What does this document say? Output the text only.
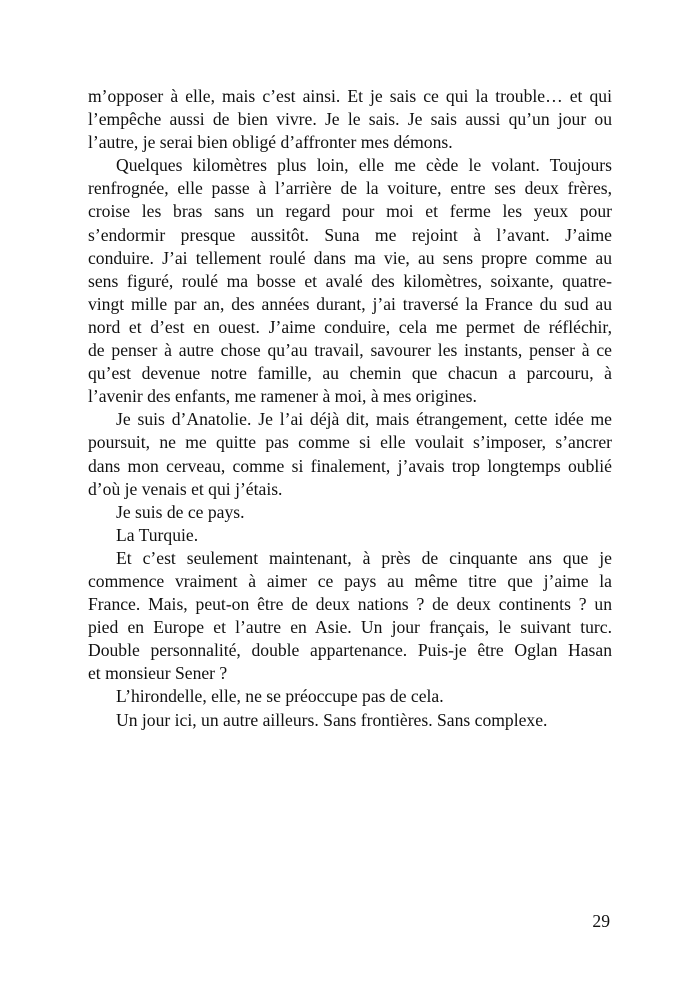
m’opposer à elle, mais c’est ainsi. Et je sais ce qui la trouble… et qui
l’empêche aussi de bien vivre. Je le sais. Je sais aussi qu’un jour ou
l’autre, je serai bien obligé d’affronter mes démons.
Quelques kilomètres plus loin, elle me cède le volant. Toujours
renfrognée, elle passe à l’arrière de la voiture, entre ses deux frères,
croise les bras sans un regard pour moi et ferme les yeux pour
s’endormir presque aussitôt. Suna me rejoint à l’avant. J’aime
conduire. J’ai tellement roulé dans ma vie, au sens propre comme au
sens figuré, roulé ma bosse et avalé des kilomètres, soixante, quatre-
vingt mille par an, des années durant, j’ai traversé la France du sud au
nord et d’est en ouest. J’aime conduire, cela me permet de réfléchir,
de penser à autre chose qu’au travail, savourer les instants, penser à ce
qu’est devenue notre famille, au chemin que chacun a parcouru, à
l’avenir des enfants, me ramener à moi, à mes origines.
Je suis d’Anatolie. Je l’ai déjà dit, mais étrangement, cette idée me
poursuit, ne me quitte pas comme si elle voulait s’imposer, s’ancrer
dans mon cerveau, comme si finalement, j’avais trop longtemps oublié
d’où je venais et qui j’étais.
Je suis de ce pays.
La Turquie.
Et c’est seulement maintenant, à près de cinquante ans que je
commence vraiment à aimer ce pays au même titre que j’aime la
France. Mais, peut-on être de deux nations ? de deux continents ? un
pied en Europe et l’autre en Asie. Un jour français, le suivant turc.
Double personnalité, double appartenance. Puis-je être Oglan Hasan
et monsieur Sener ?
L’hirondelle, elle, ne se préoccupe pas de cela.
Un jour ici, un autre ailleurs. Sans frontières. Sans complexe.
29
